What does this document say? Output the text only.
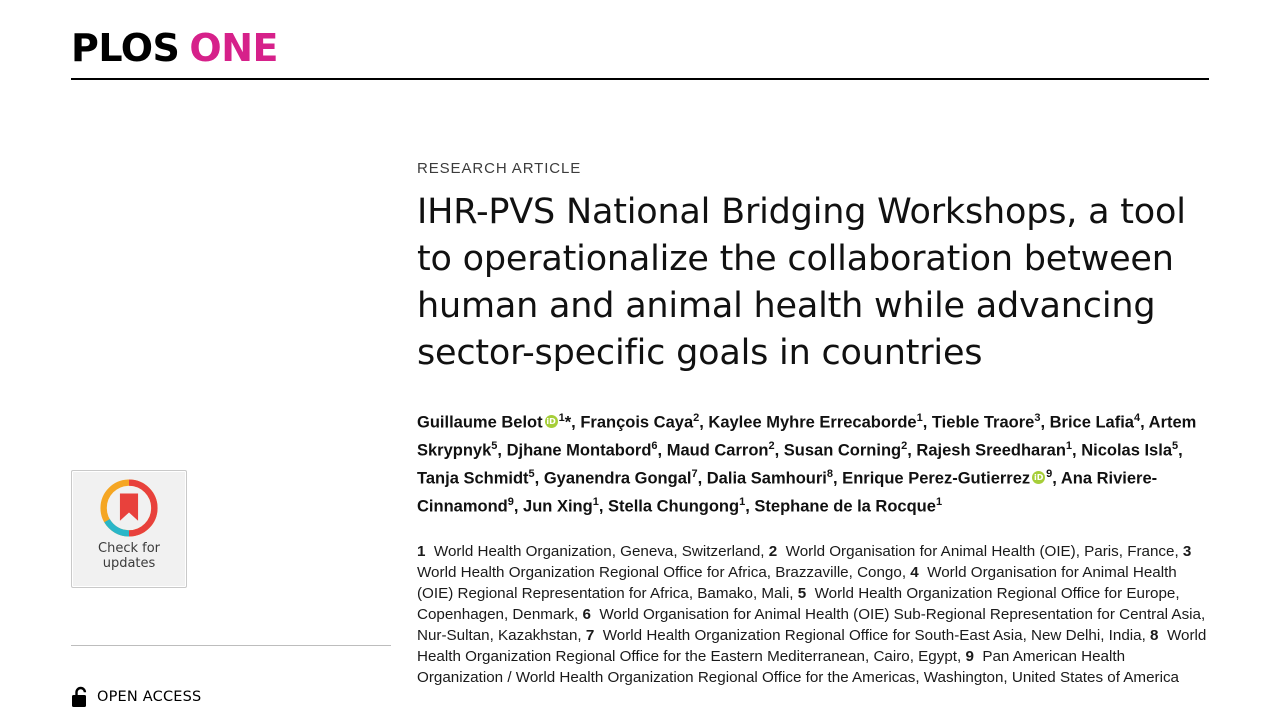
PLOS ONE
Check for
updates
OPEN ACCESS
RESEARCH ARTICLE
IHR-PVS National Bridging Workshops, a tool to operationalize the collaboration between human and animal health while advancing sector-specific goals in countries
Guillaume Belot iD $^1$*, François Caya$^2$, Kaylee Myhre Errecaborde$^1$, Tieble Traore$^3$, Brice Lafia$^4$, Artem Skrypnyk$^5$, Djhane Montabord$^6$, Maud Carron$^2$, Susan Corning$^2$, Rajesh Sreedharan$^1$, Nicolas Isla$^5$, Tanja Schmidt$^5$, Gyanendra Gongal$^7$, Dalia Samhouri$^8$, Enrique Perez-Gutierrez iD $^9$, Ana Riviere-Cinnamond$^9$, Jun Xing$^1$, Stella Chungong$^1$, Stephane de la Rocque$^1$
1  World Health Organization, Geneva, Switzerland, 2  World Organisation for Animal Health (OIE), Paris, France, 3  World Health Organization Regional Office for Africa, Brazzaville, Congo, 4  World Organisation for Animal Health (OIE) Regional Representation for Africa, Bamako, Mali, 5  World Health Organization Regional Office for Europe, Copenhagen, Denmark, 6  World Organisation for Animal Health (OIE) Sub-Regional Representation for Central Asia, Nur-Sultan, Kazakhstan, 7  World Health Organization Regional Office for South-East Asia, New Delhi, India, 8  World Health Organization Regional Office for the Eastern Mediterranean, Cairo, Egypt, 9  Pan American Health Organization / World Health Organization Regional Office for the Americas, Washington, United States of America
